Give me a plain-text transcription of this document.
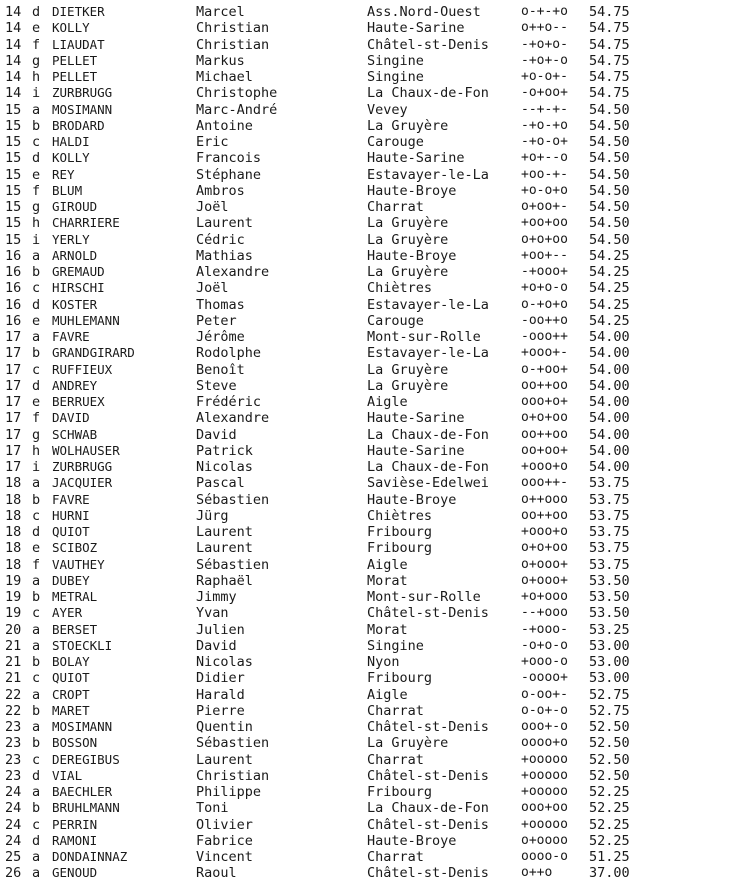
14 d DIETKER	Marcel	Ass.Nord-Ouest	o-+-+o	54.75
14 e KOLLY	Christian	Haute-Sarine	o++o--	54.75
14 f LIAUDAT	Christian	Châtel-st-Denis	-+o+o-	54.75
14 g PELLET	Markus	Singine	-+o+-o	54.75
14 h PELLET	Michael	Singine	+o-o+-	54.75
14 i ZURBRUGG	Christophe	La Chaux-de-Fon	-o+oo+	54.75
15 a MOSIMANN	Marc-André	Vevey	--+-+-	54.50
15 b BRODARD	Antoine	La Gruyère	-+o-+o	54.50
15 c HALDI	Eric	Carouge	-+o-o+	54.50
15 d KOLLY	Francois	Haute-Sarine	+o+--o	54.50
15 e REY	Stéphane	Estavayer-le-La	+oo-+-	54.50
15 f BLUM	Ambros	Haute-Broye	+o-o+o	54.50
15 g GIROUD	Joël	Charrat	o+oo+-	54.50
15 h CHARRIERE	Laurent	La Gruyère	+oo+oo	54.50
15 i YERLY	Cédric	La Gruyère	o+o+oo	54.50
16 a ARNOLD	Mathias	Haute-Broye	+oo+--	54.25
16 b GREMAUD	Alexandre	La Gruyère	-+ooo+	54.25
16 c HIRSCHI	Joël	Chiètres	+o+o-o	54.25
16 d KOSTER	Thomas	Estavayer-le-La	o-+o+o	54.25
16 e MUHLEMANN	Peter	Carouge	-oo++o	54.25
17 a FAVRE	Jérôme	Mont-sur-Rolle	-ooo++	54.00
17 b GRANDGIRARD	Rodolphe	Estavayer-le-La	+ooo+-	54.00
17 c RUFFIEUX	Benoît	La Gruyère	o-+oo+	54.00
17 d ANDREY	Steve	La Gruyère	oo++oo	54.00
17 e BERRUEX	Frédéric	Aigle	ooo+o+	54.00
17 f DAVID	Alexandre	Haute-Sarine	o+o+oo	54.00
17 g SCHWAB	David	La Chaux-de-Fon	oo++oo	54.00
17 h WOLHAUSER	Patrick	Haute-Sarine	oo+oo+	54.00
17 i ZURBRUGG	Nicolas	La Chaux-de-Fon	+ooo+o	54.00
18 a JACQUIER	Pascal	Savièse-Edelwei	ooo++-	53.75
18 b FAVRE	Sébastien	Haute-Broye	o++ooo	53.75
18 c HURNI	Jürg	Chiètres	oo++oo	53.75
18 d QUIOT	Laurent	Fribourg	+ooo+o	53.75
18 e SCIBOZ	Laurent	Fribourg	o+o+oo	53.75
18 f VAUTHEY	Sébastien	Aigle	o+ooo+	53.75
19 a DUBEY	Raphaël	Morat	o+ooo+	53.50
19 b METRAL	Jimmy	Mont-sur-Rolle	+o+ooo	53.50
19 c AYER	Yvan	Châtel-st-Denis	--+ooo	53.50
20 a BERSET	Julien	Morat	-+ooo-	53.25
21 a STOECKLI	David	Singine	-o+o-o	53.00
21 b BOLAY	Nicolas	Nyon	+ooo-o	53.00
21 c QUIOT	Didier	Fribourg	-oooo+	53.00
22 a CROPT	Harald	Aigle	o-oo+-	52.75
22 b MARET	Pierre	Charrat	o-o+-o	52.75
23 a MOSIMANN	Quentin	Châtel-st-Denis	ooo+-o	52.50
23 b BOSSON	Sébastien	La Gruyère	oooo+o	52.50
23 c DEREGIBUS	Laurent	Charrat	+ooooo	52.50
23 d VIAL	Christian	Châtel-st-Denis	+ooooo	52.50
24 a BAECHLER	Philippe	Fribourg	+ooooo	52.25
24 b BRUHLMANN	Toni	La Chaux-de-Fon	ooo+oo	52.25
24 c PERRIN	Olivier	Châtel-st-Denis	+ooooo	52.25
24 d RAMONI	Fabrice	Haute-Broye	o+oooo	52.25
25 a DONDAINNAZ	Vincent	Charrat	oooo-o	51.25
26 a GENOUD	Raoul	Châtel-st-Denis	o++o	37.00
